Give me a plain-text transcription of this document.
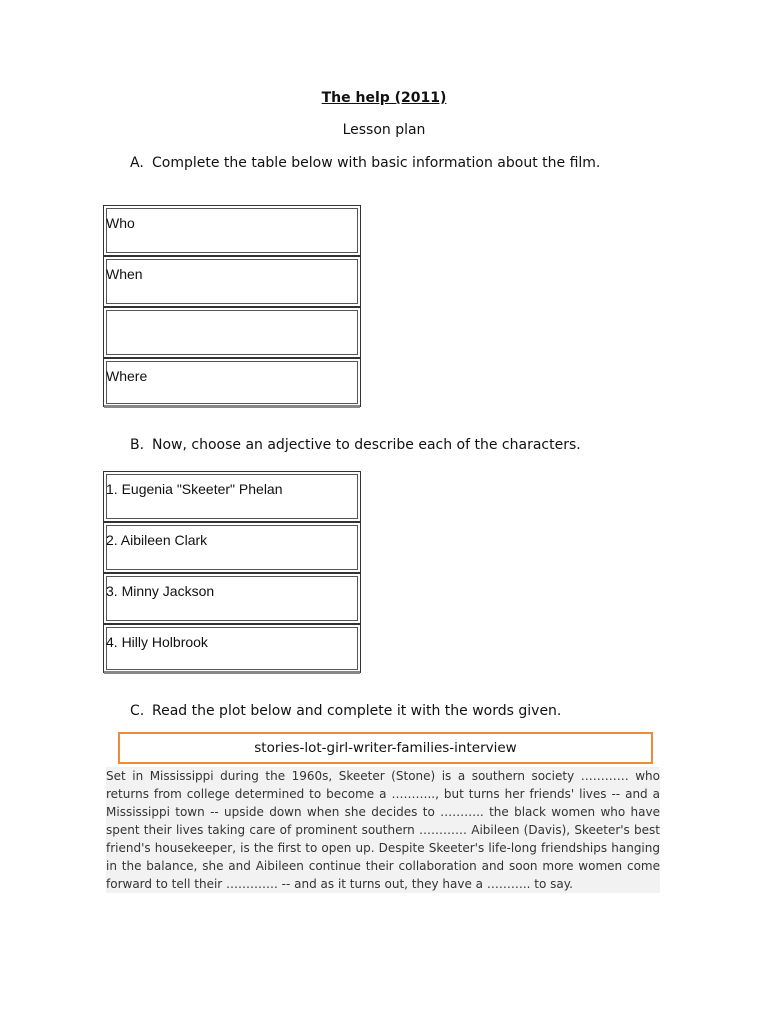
The help (2011)
Lesson plan
A. Complete the table below with basic information about the film.
Who
When
Where
B. Now, choose an adjective to describe each of the characters.
1. Eugenia "Skeeter" Phelan
2. Aibileen Clark
3. Minny Jackson
4. Hilly Holbrook
C. Read the plot below and complete it with the words given.
stories-lot-girl-writer-families-interview
Set in Mississippi during the 1960s, Skeeter (Stone) is a southern society ………… who returns from college determined to become a ……….., but turns her friends' lives -- and a Mississippi town -- upside down when she decides to ……….. the black women who have spent their lives taking care of prominent southern ………… Aibileen (Davis), Skeeter's best friend's housekeeper, is the first to open up. Despite Skeeter's life-long friendships hanging in the balance, she and Aibileen continue their collaboration and soon more women come forward to tell their …………. -- and as it turns out, they have a ……….. to say.
